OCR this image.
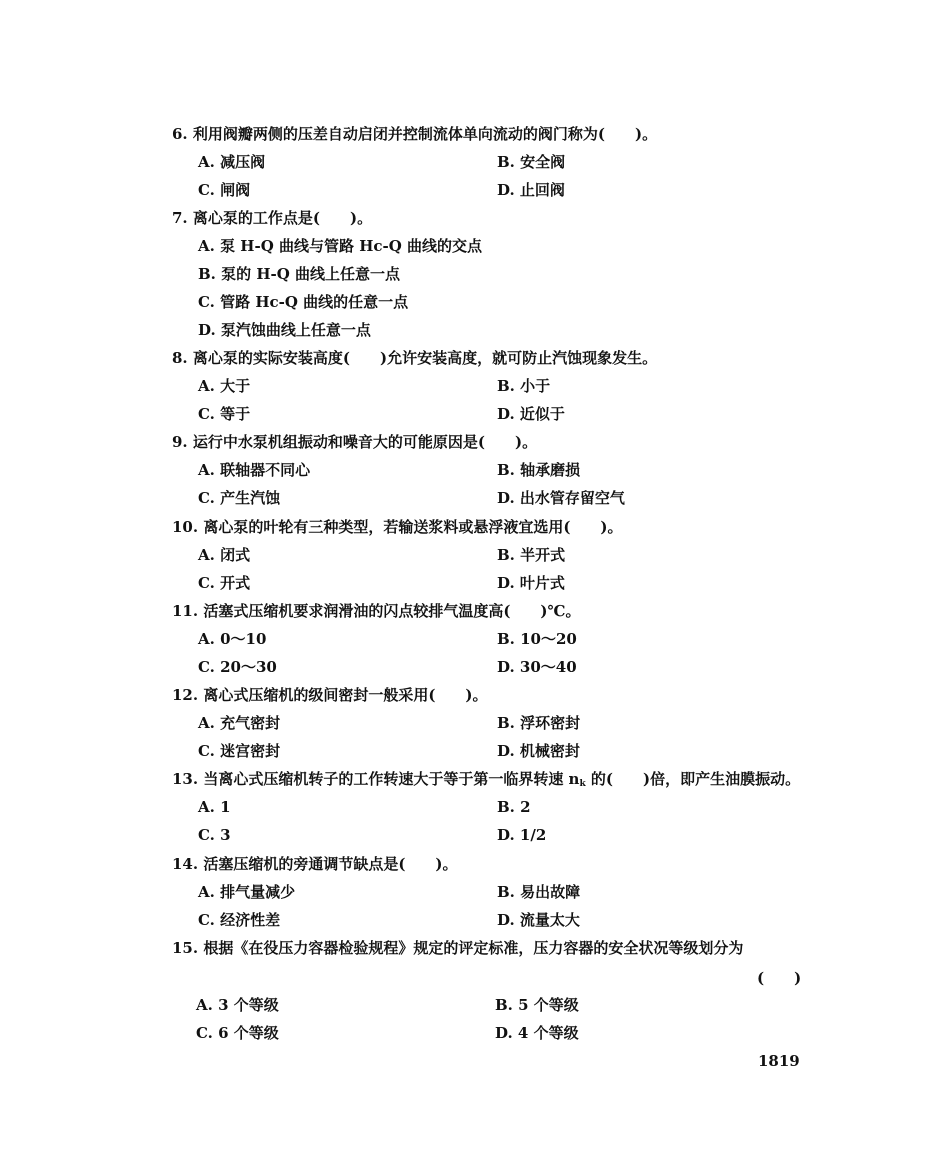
6. 利用阀瓣两侧的压差自动启闭并控制流体单向流动的阀门称为(　　)。
A. 减压阀	B. 安全阀
C. 闸阀	D. 止回阀
7. 离心泵的工作点是(　　)。
A. 泵 H-Q 曲线与管路 Hc-Q 曲线的交点
B. 泵的 H-Q 曲线上任意一点
C. 管路 Hc-Q 曲线的任意一点
D. 泵汽蚀曲线上任意一点
8. 离心泵的实际安装高度(　　)允许安装高度，就可防止汽蚀现象发生。
A. 大于	B. 小于
C. 等于	D. 近似于
9. 运行中水泵机组振动和噪音大的可能原因是(　　)。
A. 联轴器不同心	B. 轴承磨损
C. 产生汽蚀	D. 出水管存留空气
10. 离心泵的叶轮有三种类型，若输送浆料或悬浮液宜选用(　　)。
A. 闭式	B. 半开式
C. 开式	D. 叶片式
11. 活塞式压缩机要求润滑油的闪点较排气温度高(　　)℃。
A. 0～10	B. 10～20
C. 20～30	D. 30～40
12. 离心式压缩机的级间密封一般采用(　　)。
A. 充气密封	B. 浮环密封
C. 迷宫密封	D. 机械密封
13. 当离心式压缩机转子的工作转速大于等于第一临界转速 $n_k$ 的(　　)倍，即产生油膜振动。
A. 1	B. 2
C. 3	D. 1/2
14. 活塞压缩机的旁通调节缺点是(　　)。
A. 排气量减少	B. 易出故障
C. 经济性差	D. 流量太大
15. 根据《在役压力容器检验规程》规定的评定标准，压力容器的安全状况等级划分为
(　　)
A. 3 个等级	B. 5 个等级
C. 6 个等级	D. 4 个等级
1819
